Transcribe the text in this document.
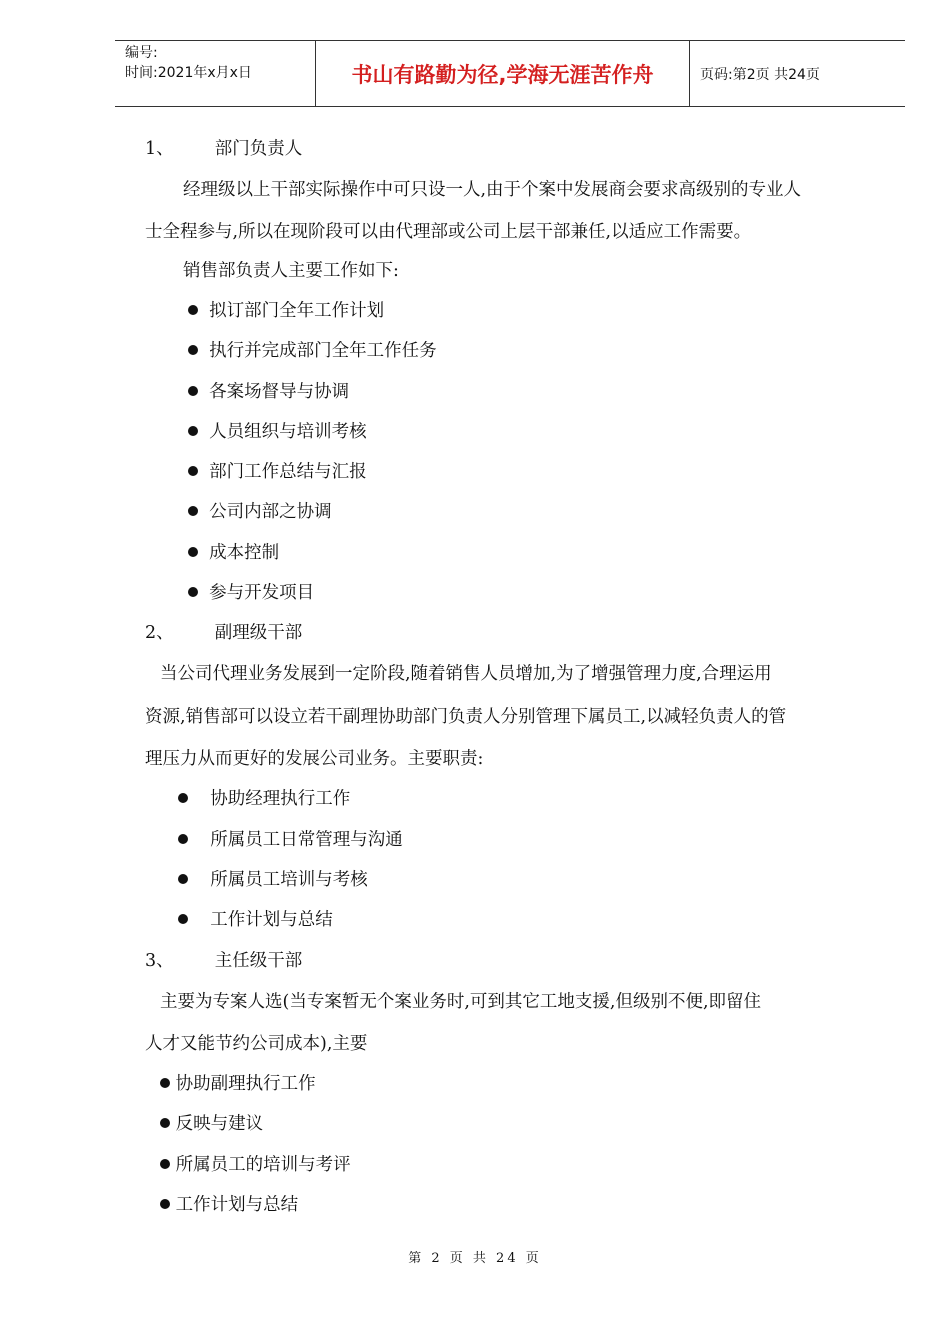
编号:
时间:2021年x月x日	书山有路勤为径,学海无涯苦作舟	页码:第2页 共24页
1、 部门负责人
经理级以上干部实际操作中可只设一人,由于个案中发展商会要求高级别的专业人
士全程参与,所以在现阶段可以由代理部或公司上层干部兼任,以适应工作需要。
销售部负责人主要工作如下:
拟订部门全年工作计划
执行并完成部门全年工作任务
各案场督导与协调
人员组织与培训考核
部门工作总结与汇报
公司内部之协调
成本控制
参与开发项目
2、 副理级干部
当公司代理业务发展到一定阶段,随着销售人员增加,为了增强管理力度,合理运用
资源,销售部可以设立若干副理协助部门负责人分别管理下属员工,以减轻负责人的管
理压力从而更好的发展公司业务。主要职责:
协助经理执行工作
所属员工日常管理与沟通
所属员工培训与考核
工作计划与总结
3、 主任级干部
主要为专案人选(当专案暂无个案业务时,可到其它工地支援,但级别不便,即留住
人才又能节约公司成本),主要
协助副理执行工作
反映与建议
所属员工的培训与考评
工作计划与总结
第 2 页 共 24 页
